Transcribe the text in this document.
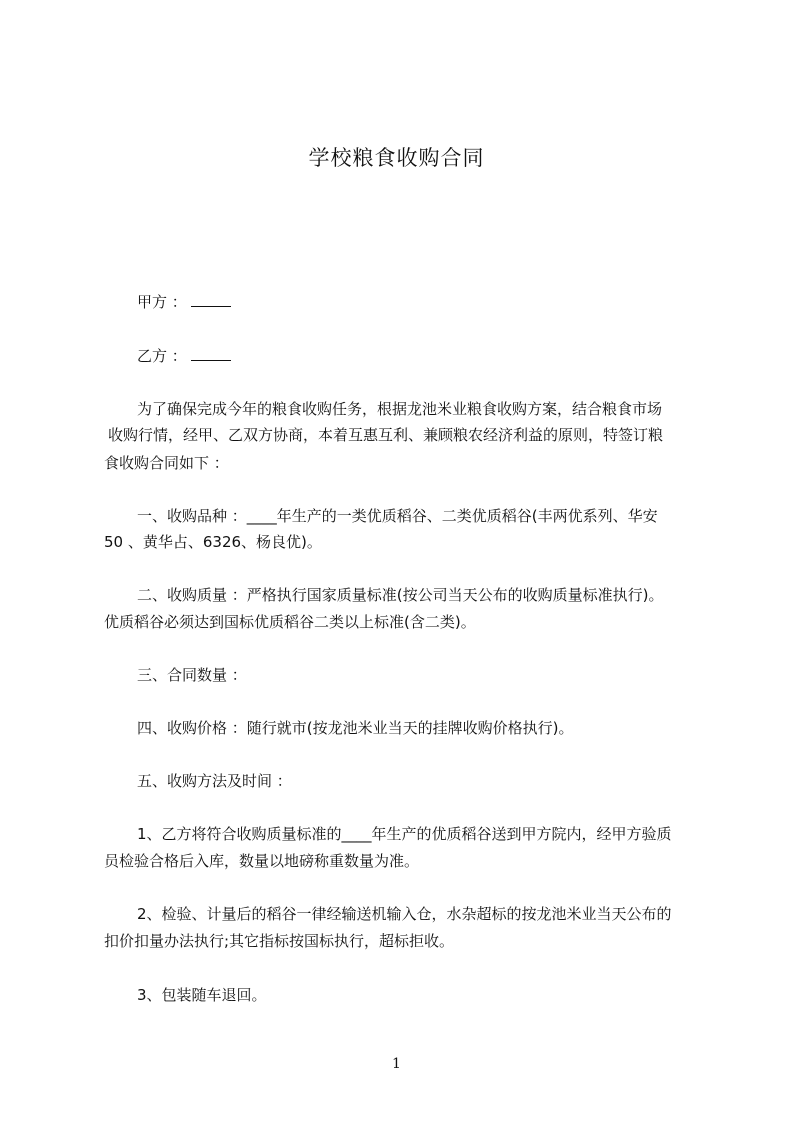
学校粮食收购合同
甲方 ：
乙方 ：
为了确保完成今年的粮食收购任务，根据龙池米业粮食收购方案，结合粮食市场
收购行情，经甲、乙双方协商，本着互惠互利、兼顾粮农经济利益的原则，特签订粮
食收购合同如下 ：
一、收购品种 ：____年生产的一类优质稻谷、二类优质稻谷(丰两优系列、华安
50 、黄华占、6326、杨良优)。
二、收购质量 ：严格执行国家质量标准(按公司当天公布的收购质量标准执行)。
优质稻谷必须达到国标优质稻谷二类以上标准(含二类)。
三、合同数量 ：
四、收购价格 ：随行就市(按龙池米业当天的挂牌收购价格执行)。
五、收购方法及时间 ：
1、乙方将符合收购质量标准的____年生产的优质稻谷送到甲方院内，经甲方验质
员检验合格后入库，数量以地磅称重数量为准。
2、检验、计量后的稻谷一律经输送机输入仓，水杂超标的按龙池米业当天公布的
扣价扣量办法执行;其它指标按国标执行，超标拒收。
3、包装随车退回。
1
